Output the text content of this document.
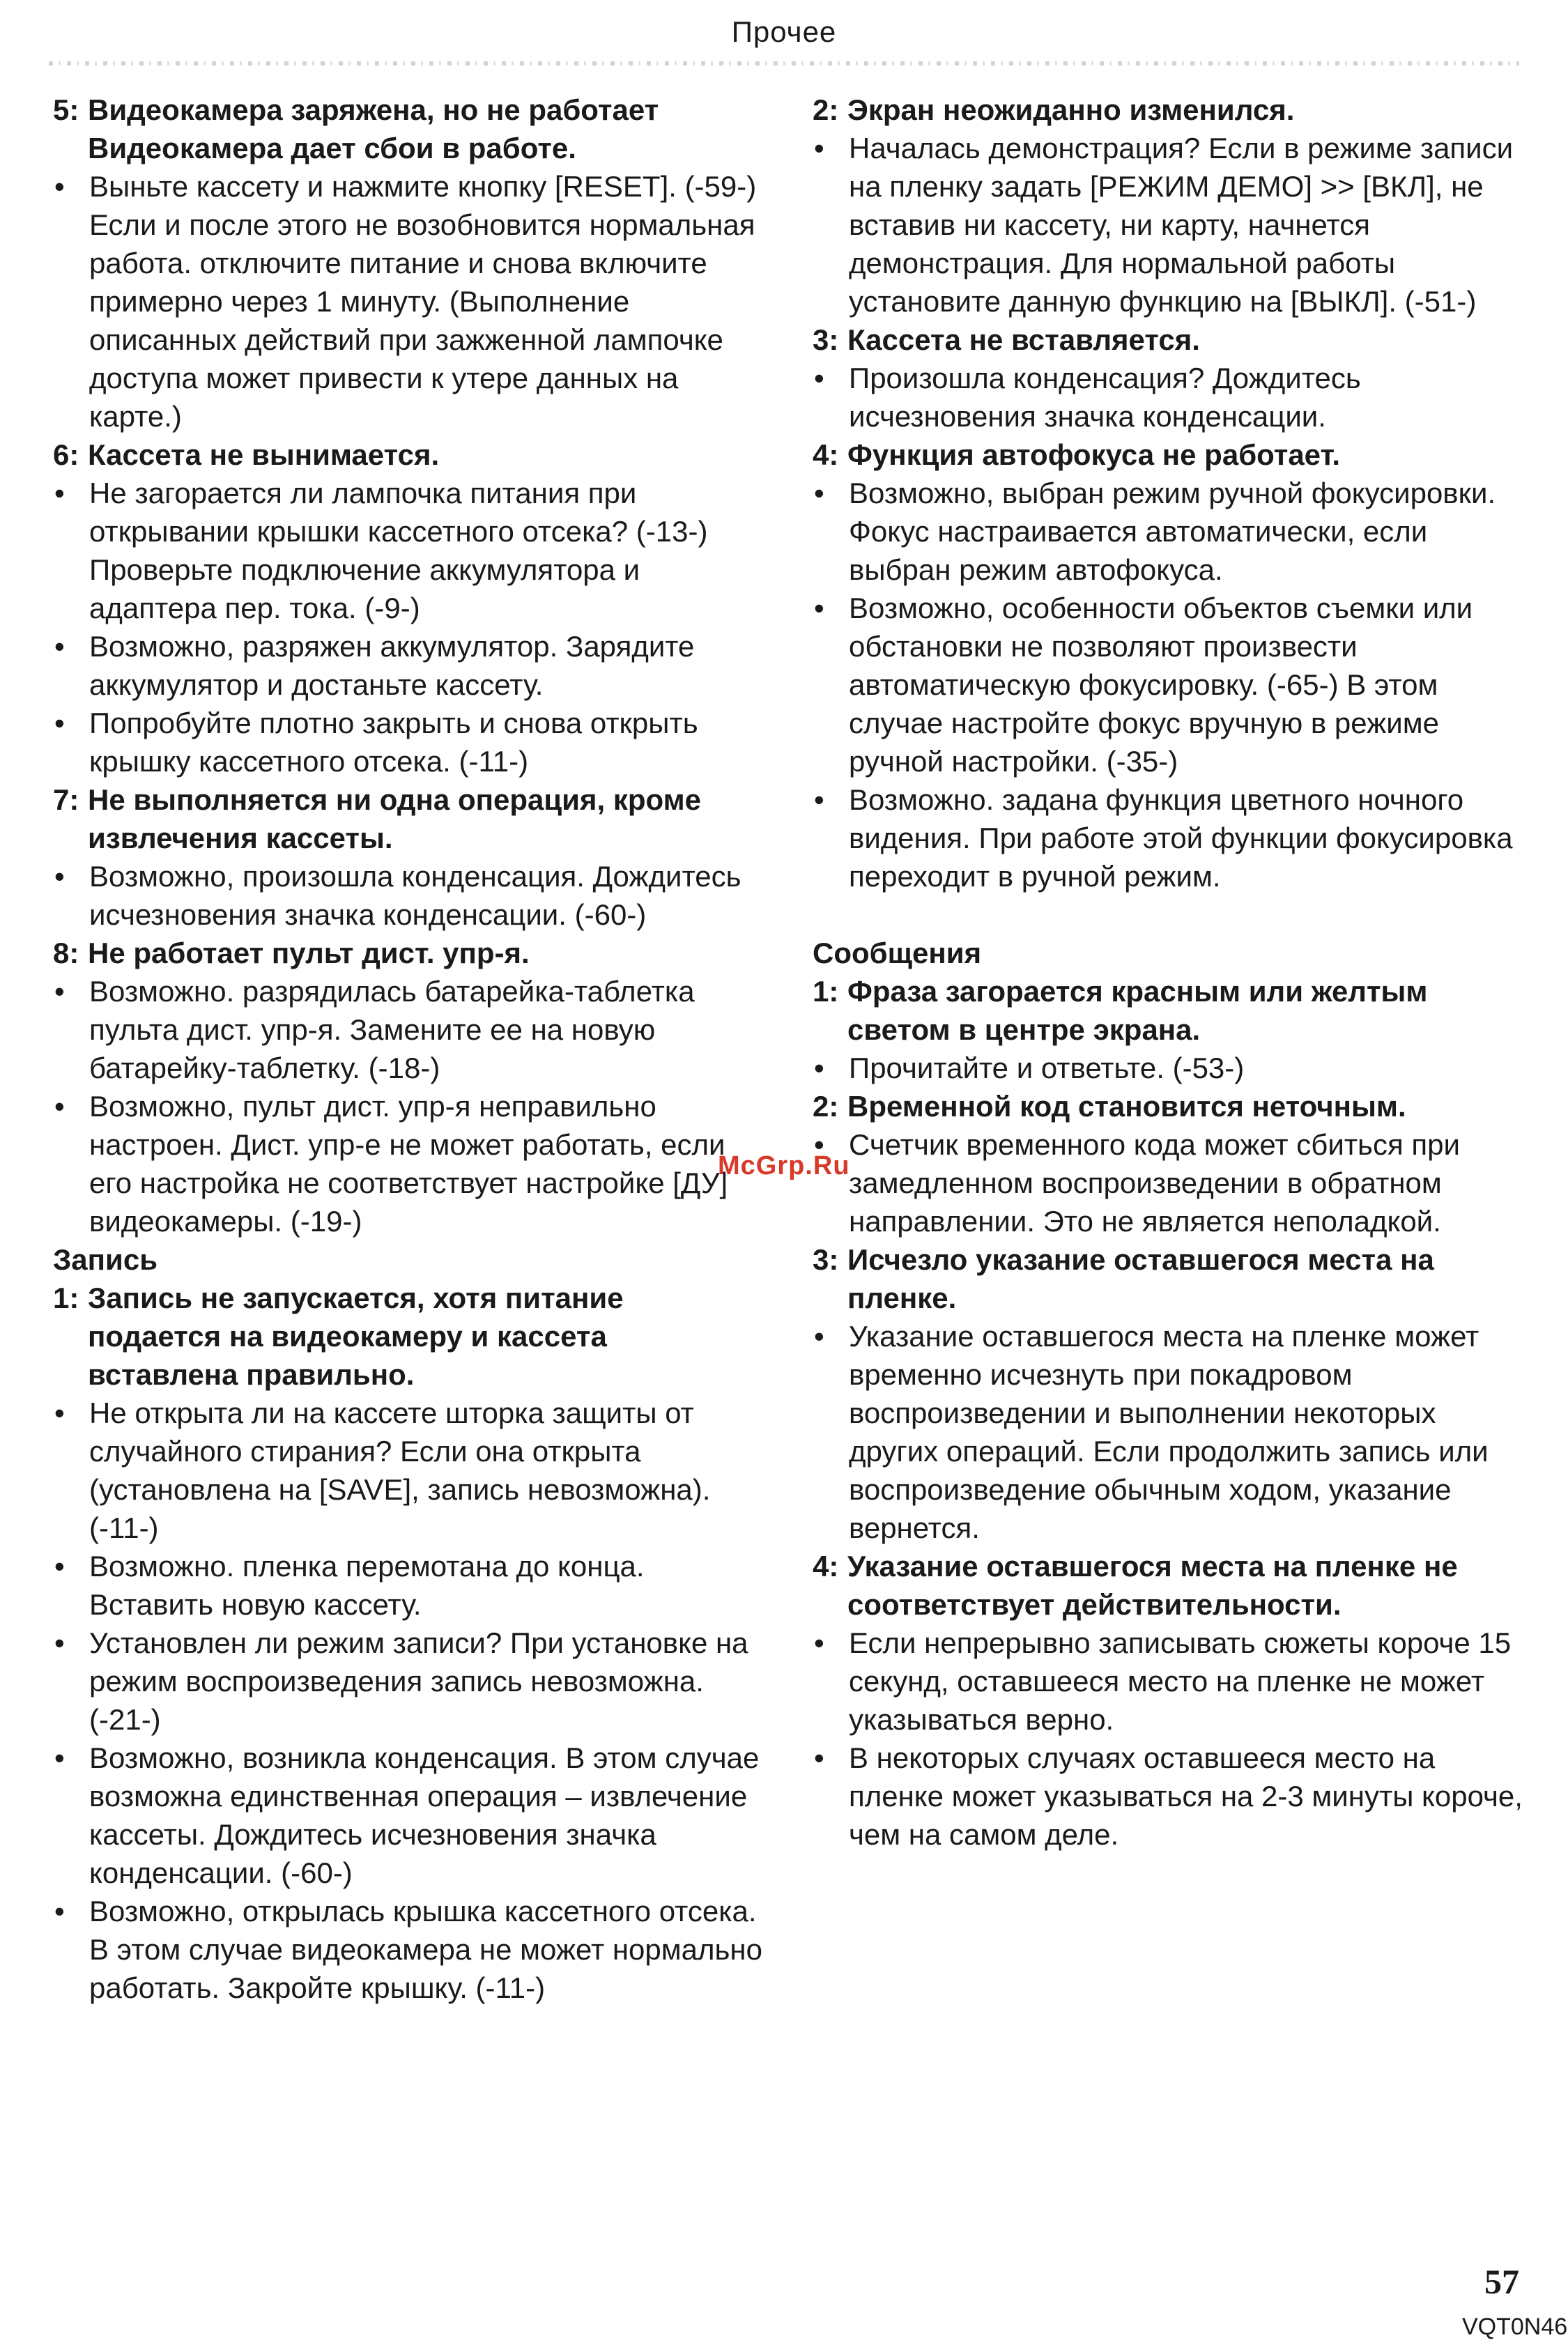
Прочее
5: Видеокамера заряжена, но не работает Видеокамера дает сбои в работе.
• Выньте кассету и нажмите кнопку [RESET]. (-59-) Если и после этого не возобновится нормальная работа. отключите питание и снова включите примерно через 1 минуту. (Выполнение описанных действий при зажженной лампочке доступа может привести к утере данных на карте.)
6: Кассета не вынимается.
• Не загорается ли лампочка питания при открывании крышки кассетного отсека? (-13-) Проверьте подключение аккумулятора и адаптера пер. тока. (-9-)
• Возможно, разряжен аккумулятор. Зарядите аккумулятор и достаньте кассету.
• Попробуйте плотно закрыть и снова открыть крышку кассетного отсека. (-11-)
7: Не выполняется ни одна операция, кроме извлечения кассеты.
• Возможно, произошла конденсация. Дождитесь исчезновения значка конденсации. (-60-)
8: Не работает пульт дист. упр-я.
• Возможно. разрядилась батарейка-таблетка пульта дист. упр-я. Замените ее на новую батарейку-таблетку. (-18-)
• Возможно, пульт дист. упр-я неправильно настроен. Дист. упр-е не может работать, если его настройка не соответствует настройке [ДУ] видеокамеры. (-19-)
Запись
1: Запись не запускается, хотя питание подается на видеокамеру и кассета вставлена правильно.
• Не открыта ли на кассете шторка защиты от случайного стирания? Если она открыта (установлена на [SAVE], запись невозможна). (-11-)
• Возможно. пленка перемотана до конца. Вставить новую кассету.
• Установлен ли режим записи? При установке на режим воспроизведения запись невозможна. (-21-)
• Возможно, возникла конденсация. В этом случае возможна единственная операция – извлечение кассеты. Дождитесь исчезновения значка конденсации. (-60-)
• Возможно, открылась крышка кассетного отсека. В этом случае видеокамера не может нормально работать. Закройте крышку. (-11-)
2: Экран неожиданно изменился.
• Началась демонстрация? Если в режиме записи на пленку задать [РЕЖИМ ДЕМО] >> [ВКЛ], не вставив ни кассету, ни карту, начнется демонстрация. Для нормальной работы установите данную функцию на [ВЫКЛ]. (-51-)
3: Кассета не вставляется.
• Произошла конденсация? Дождитесь исчезновения значка конденсации.
4: Функция автофокуса не работает.
• Возможно, выбран режим ручной фокусировки. Фокус настраивается автоматически, если выбран режим автофокуса.
• Возможно, особенности объектов съемки или обстановки не позволяют произвести автоматическую фокусировку. (-65-) В этом случае настройте фокус вручную в режиме ручной настройки. (-35-)
• Возможно. задана функция цветного ночного видения. При работе этой функции фокусировка переходит в ручной режим.
Сообщения
1: Фраза загорается красным или желтым светом в центре экрана.
• Прочитайте и ответьте. (-53-)
2: Временной код становится неточным.
• Счетчик временного кода может сбиться при замедленном воспроизведении в обратном направлении. Это не является неполадкой.
3: Исчезло указание оставшегося места на пленке.
• Указание оставшегося места на пленке может временно исчезнуть при покадровом воспроизведении и выполнении некоторых других операций. Если продолжить запись или воспроизведение обычным ходом, указание вернется.
4: Указание оставшегося места на пленке не соответствует действительности.
• Если непрерывно записывать сюжеты короче 15 секунд, оставшееся место на пленке не может указываться верно.
• В некоторых случаях оставшееся место на пленке может указываться на 2-3 минуты короче, чем на самом деле.
McGrp.Ru
57
VQT0N46
